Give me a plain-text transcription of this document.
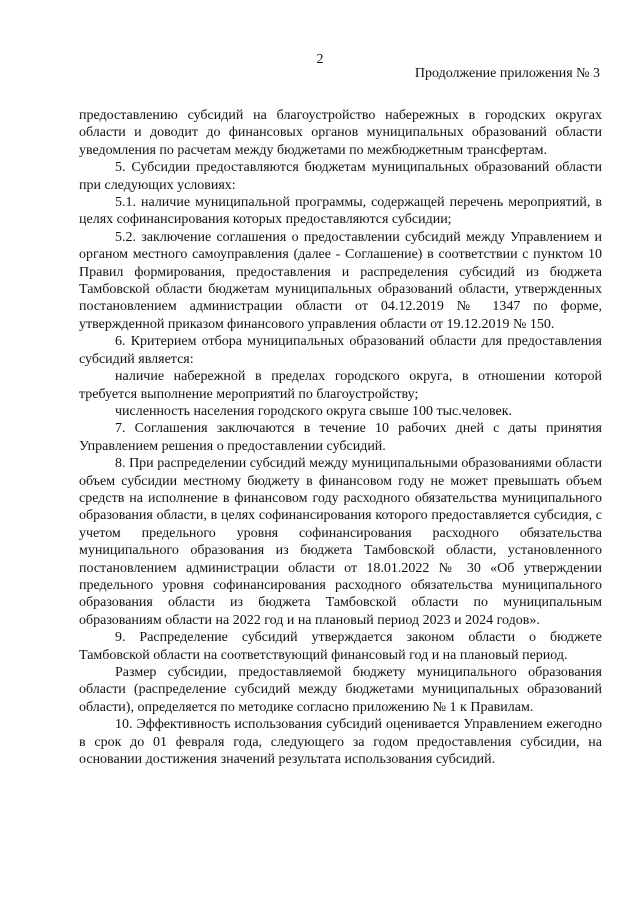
2
Продолжение приложения № 3

предоставлению субсидий на благоустройство набережных в городских округах области и доводит до финансовых органов муниципальных образований области уведомления по расчетам между бюджетами по межбюджетным трансфертам.

5. Субсидии предоставляются бюджетам муниципальных образований области при следующих условиях:

5.1. наличие муниципальной программы, содержащей перечень мероприятий, в целях софинансирования которых предоставляются субсидии;

5.2. заключение соглашения о предоставлении субсидий между Управлением и органом местного самоуправления (далее - Соглашение) в соответствии с пунктом 10 Правил формирования, предоставления и распределения субсидий из бюджета Тамбовской области бюджетам муниципальных образований области, утвержденных постановлением администрации области от 04.12.2019 № 1347 по форме, утвержденной приказом финансового управления области от 19.12.2019 № 150.

6. Критерием отбора муниципальных образований области для предоставления субсидий является:

наличие набережной в пределах городского округа, в отношении которой требуется выполнение мероприятий по благоустройству;

численность населения городского округа свыше 100 тыс.человек.

7. Соглашения заключаются в течение 10 рабочих дней с даты принятия Управлением решения о предоставлении субсидий.

8. При распределении субсидий между муниципальными образованиями области объем субсидии местному бюджету в финансовом году не может превышать объем средств на исполнение в финансовом году расходного обязательства муниципального образования области, в целях софинансирования которого предоставляется субсидия, с учетом предельного уровня софинансирования расходного обязательства муниципального образования из бюджета Тамбовской области, установленного постановлением администрации области от 18.01.2022 № 30 «Об утверждении предельного уровня софинансирования расходного обязательства муниципального образования области из бюджета Тамбовской области по муниципальным образованиям области на 2022 год и на плановый период 2023 и 2024 годов».

9. Распределение субсидий утверждается законом области о бюджете Тамбовской области на соответствующий финансовый год и на плановый период.

Размер субсидии, предоставляемой бюджету муниципального образования области (распределение субсидий между бюджетами муниципальных образований области), определяется по методике согласно приложению № 1 к Правилам.

10. Эффективность использования субсидий оценивается Управлением ежегодно в срок до 01 февраля года, следующего за годом предоставления субсидии, на основании достижения значений результата использования субсидий.
